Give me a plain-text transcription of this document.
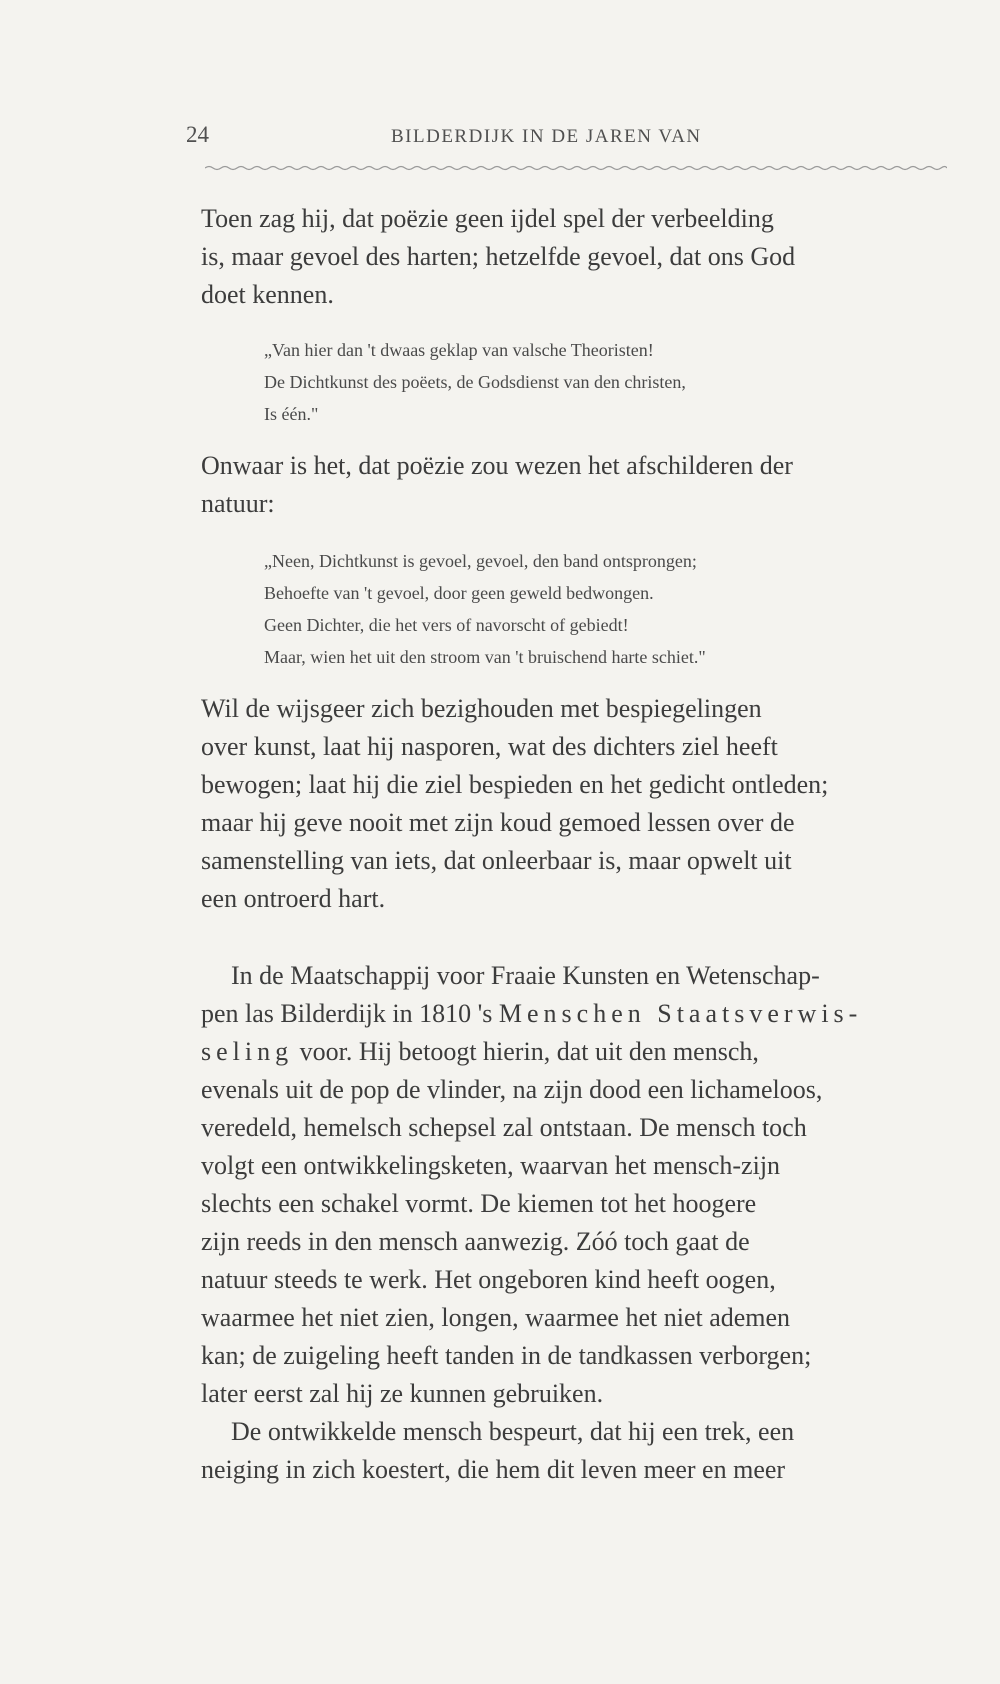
24	BILDERDIJK IN DE JAREN VAN
Toen zag hij, dat poëzie geen ijdel spel der verbeelding
is, maar gevoel des harten; hetzelfde gevoel, dat ons God
doet kennen.
„Van hier dan 't dwaas geklap van valsche Theoristen!
De Dichtkunst des poëets, de Godsdienst van den christen,
Is één."
Onwaar is het, dat poëzie zou wezen het afschilderen der
natuur:
„Neen, Dichtkunst is gevoel, gevoel, den band ontsprongen;
Behoefte van 't gevoel, door geen geweld bedwongen.
Geen Dichter, die het vers of navorscht of gebiedt!
Maar, wien het uit den stroom van 't bruischend harte schiet."
Wil de wijsgeer zich bezighouden met bespiegelingen
over kunst, laat hij nasporen, wat des dichters ziel heeft
bewogen; laat hij die ziel bespieden en het gedicht ontleden;
maar hij geve nooit met zijn koud gemoed lessen over de
samenstelling van iets, dat onleerbaar is, maar opwelt uit
een ontroerd hart.
In de Maatschappij voor Fraaie Kunsten en Wetenschap-
pen las Bilderdijk in 1810 's Menschen Staatsverwis-
seling voor. Hij betoogt hierin, dat uit den mensch,
evenals uit de pop de vlinder, na zijn dood een lichameloos,
veredeld, hemelsch schepsel zal ontstaan. De mensch toch
volgt een ontwikkelingsketen, waarvan het mensch-zijn
slechts een schakel vormt. De kiemen tot het hoogere
zijn reeds in den mensch aanwezig. Zóó toch gaat de
natuur steeds te werk. Het ongeboren kind heeft oogen,
waarmee het niet zien, longen, waarmee het niet ademen
kan; de zuigeling heeft tanden in de tandkassen verborgen;
later eerst zal hij ze kunnen gebruiken.
De ontwikkelde mensch bespeurt, dat hij een trek, een
neiging in zich koestert, die hem dit leven meer en meer
